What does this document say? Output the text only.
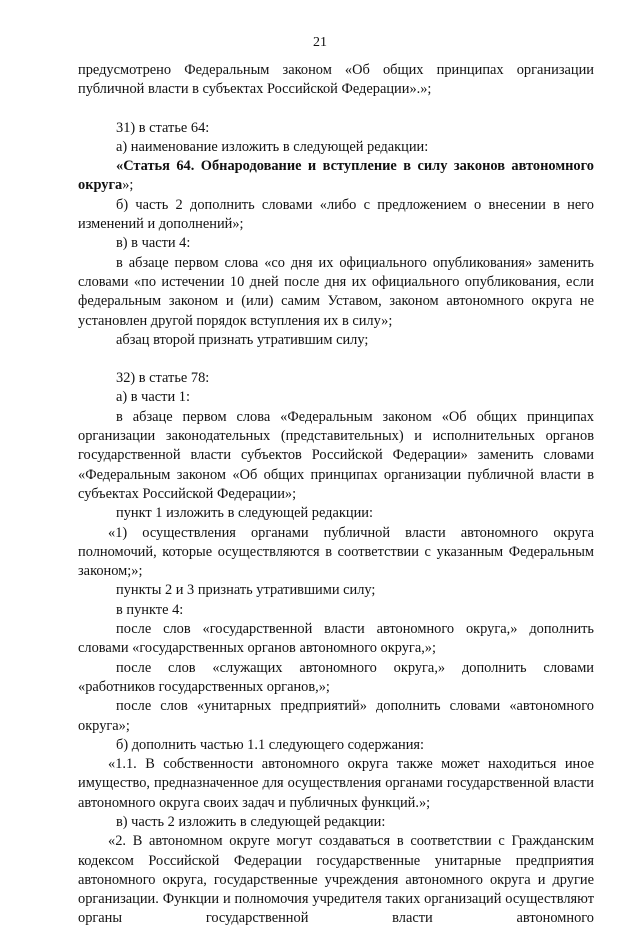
21

предусмотрено Федеральным законом «Об общих принципах организации публичной власти в субъектах Российской Федерации».»;

31) в статье 64:

а) наименование изложить в следующей редакции:

«Статья 64. Обнародование и вступление в силу законов автономного округа»;

б) часть 2 дополнить словами «либо с предложением о внесении в него изменений и дополнений»;

в) в части 4:

в абзаце первом слова «со дня их официального опубликования» заменить словами «по истечении 10 дней после дня их официального опубликования, если федеральным законом и (или) самим Уставом, законом автономного округа не установлен другой порядок вступления их в силу»;

абзац второй признать утратившим силу;

32) в статье 78:

а) в части 1:

в абзаце первом слова «Федеральным законом «Об общих принципах организации законодательных (представительных) и исполнительных органов государственной власти субъектов Российской Федерации» заменить словами «Федеральным законом «Об общих принципах организации публичной власти в субъектах Российской Федерации»;

пункт 1 изложить в следующей редакции:

«1) осуществления органами публичной власти автономного округа полномочий, которые осуществляются в соответствии с указанным Федеральным законом;»;

пункты 2 и 3 признать утратившими силу;

в пункте 4:

после слов «государственной власти автономного округа,» дополнить словами «государственных органов автономного округа,»;

после слов «служащих автономного округа,» дополнить словами «работников государственных органов,»;

после слов «унитарных предприятий» дополнить словами «автономного округа»;

б) дополнить частью 1.1 следующего содержания:

«1.1. В собственности автономного округа также может находиться иное имущество, предназначенное для осуществления органами государственной власти автономного округа своих задач и публичных функций.»;

в) часть 2 изложить в следующей редакции:

«2. В автономном округе могут создаваться в соответствии с Гражданским кодексом Российской Федерации государственные унитарные предприятия автономного округа, государственные учреждения автономного округа и другие организации. Функции и полномочия учредителя таких организаций осуществляют органы государственной власти автономного
